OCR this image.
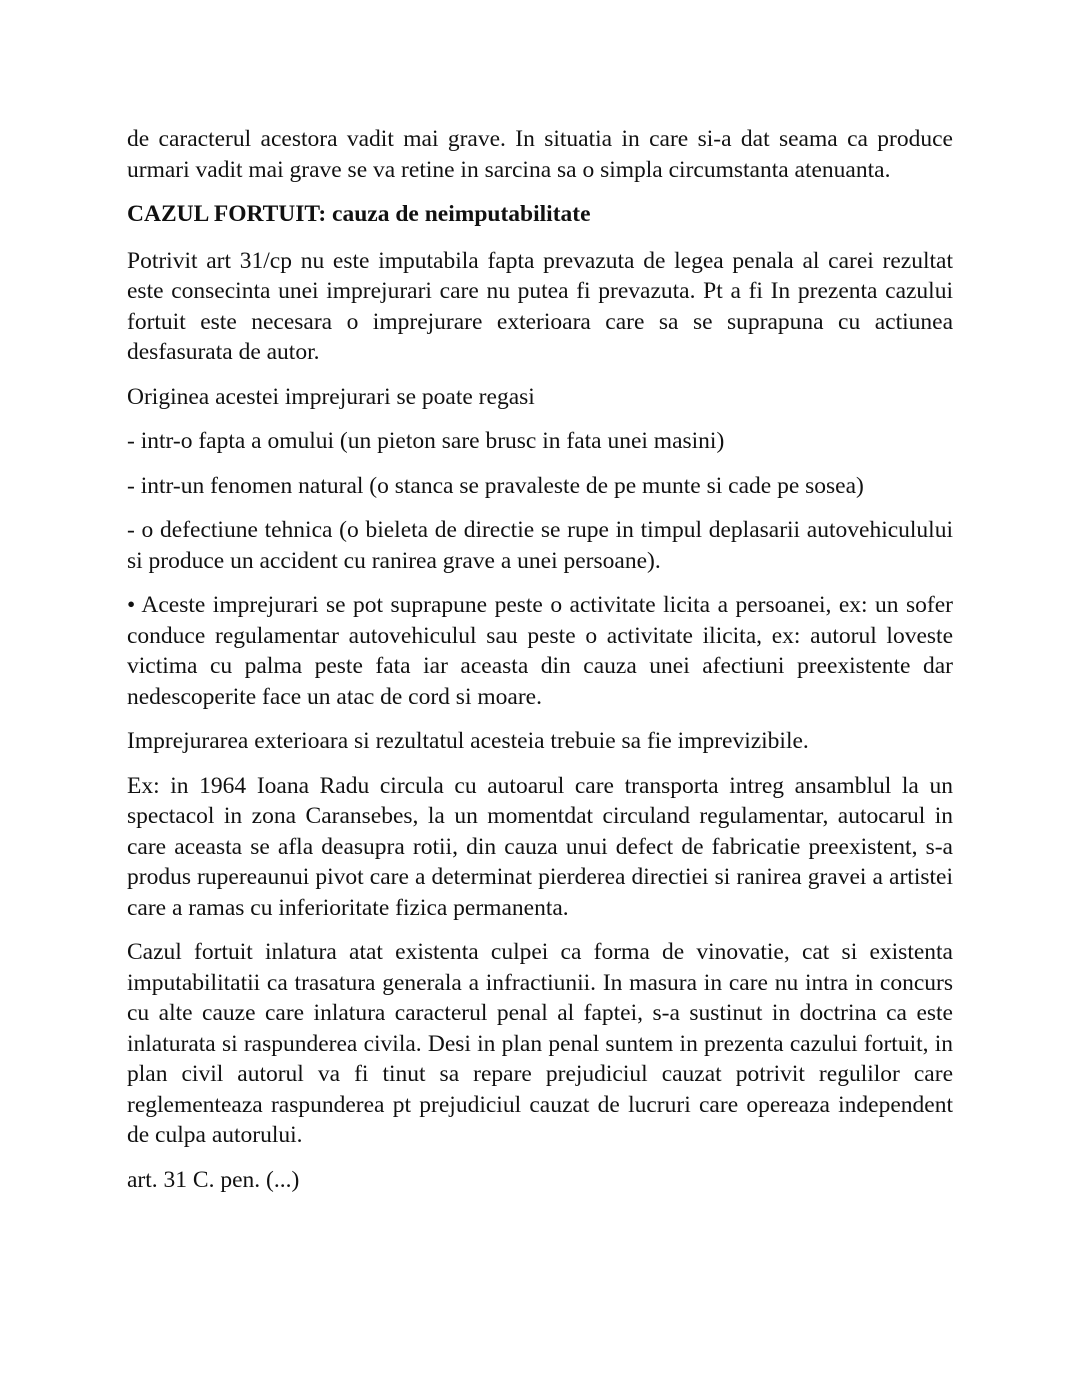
de caracterul acestora vadit mai grave. In situatia in care si-a dat seama ca produce urmari vadit mai grave se va retine in sarcina sa o simpla circumstanta atenuanta.

CAZUL FORTUIT: cauza de neimputabilitate

Potrivit art 31/cp nu este imputabila fapta prevazuta de legea penala al carei rezultat este consecinta unei imprejurari care nu putea fi prevazuta. Pt a fi In prezenta cazului fortuit este necesara o imprejurare exterioara care sa se suprapuna cu actiunea desfasurata de autor.

Originea acestei imprejurari se poate regasi

- intr-o fapta a omului (un pieton sare brusc in fata unei masini)

- intr-un fenomen natural (o stanca se pravaleste de pe munte si cade pe sosea)

- o defectiune tehnica (o bieleta de directie se rupe in timpul deplasarii autovehiculului si produce un accident cu ranirea grave a unei persoane).

• Aceste imprejurari se pot suprapune peste o activitate licita a persoanei, ex: un sofer conduce regulamentar autovehiculul sau peste o activitate ilicita, ex: autorul loveste victima cu palma peste fata iar aceasta din cauza unei afectiuni preexistente dar nedescoperite face un atac de cord si moare.

Imprejurarea exterioara si rezultatul acesteia trebuie sa fie imprevizibile.

Ex: in 1964 Ioana Radu circula cu autoarul care transporta intreg ansamblul la un spectacol in zona Caransebes, la un momentdat circuland regulamentar, autocarul in care aceasta se afla deasupra rotii, din cauza unui defect de fabricatie preexistent, s-a produs rupereaunui pivot care a determinat pierderea directiei si ranirea gravei a artistei care a ramas cu inferioritate fizica permanenta.

Cazul fortuit inlatura atat existenta culpei ca forma de vinovatie, cat si existenta imputabilitatii ca trasatura generala a infractiunii. In masura in care nu intra in concurs cu alte cauze care inlatura caracterul penal al faptei, s-a sustinut in doctrina ca este inlaturata si raspunderea civila. Desi in plan penal suntem in prezenta cazului fortuit, in plan civil autorul va fi tinut sa repare prejudiciul cauzat potrivit regulilor care reglementeaza raspunderea pt prejudiciul cauzat de lucruri care opereaza independent de culpa autorului.

art. 31 C. pen. (...)
